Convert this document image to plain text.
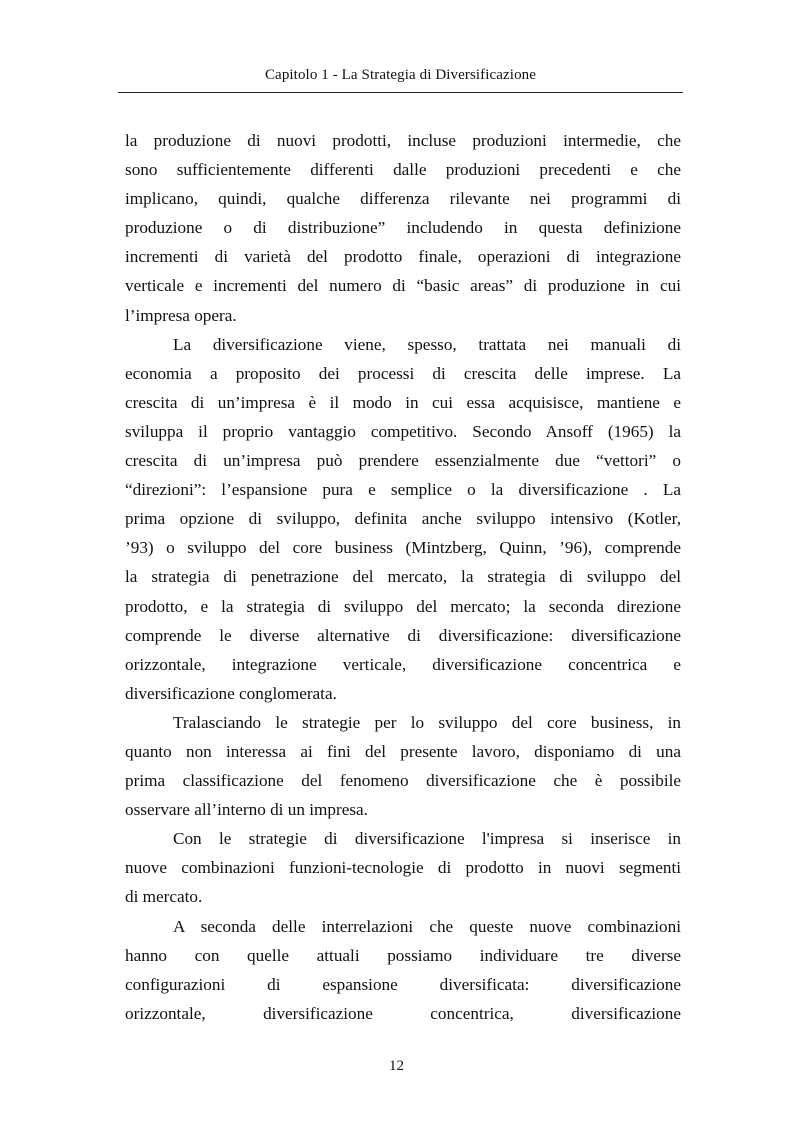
Capitolo 1 - La Strategia di Diversificazione
la produzione di nuovi prodotti, incluse produzioni intermedie, che
sono sufficientemente differenti dalle produzioni precedenti e che
implicano, quindi, qualche differenza rilevante nei programmi di
produzione o di distribuzione” includendo in questa definizione
incrementi di varietà del prodotto finale, operazioni di integrazione
verticale e incrementi del numero di “basic areas” di produzione in cui
l’impresa opera.
La diversificazione viene, spesso, trattata nei manuali di
economia a proposito dei processi di crescita delle imprese. La
crescita di un’impresa è il modo in cui essa acquisisce, mantiene e
sviluppa il proprio vantaggio competitivo. Secondo Ansoff (1965) la
crescita di un’impresa può prendere essenzialmente due “vettori” o
“direzioni”: l’espansione pura e semplice o la diversificazione . La
prima opzione di sviluppo, definita anche sviluppo intensivo (Kotler,
’93) o sviluppo del core business (Mintzberg, Quinn, ’96), comprende
la strategia di penetrazione del mercato, la strategia di sviluppo del
prodotto, e la strategia di sviluppo del mercato; la seconda direzione
comprende le diverse alternative di diversificazione: diversificazione
orizzontale, integrazione verticale, diversificazione concentrica e
diversificazione conglomerata.
Tralasciando le strategie per lo sviluppo del core business, in
quanto non interessa ai fini del presente lavoro, disponiamo di una
prima classificazione del fenomeno diversificazione che è possibile
osservare all’interno di un impresa.
Con le strategie di diversificazione l'impresa si inserisce in
nuove combinazioni funzioni-tecnologie di prodotto in nuovi segmenti
di mercato.
A seconda delle interrelazioni che queste nuove combinazioni
hanno con quelle attuali possiamo individuare tre diverse
configurazioni di espansione diversificata: diversificazione
orizzontale, diversificazione concentrica, diversificazione
12
